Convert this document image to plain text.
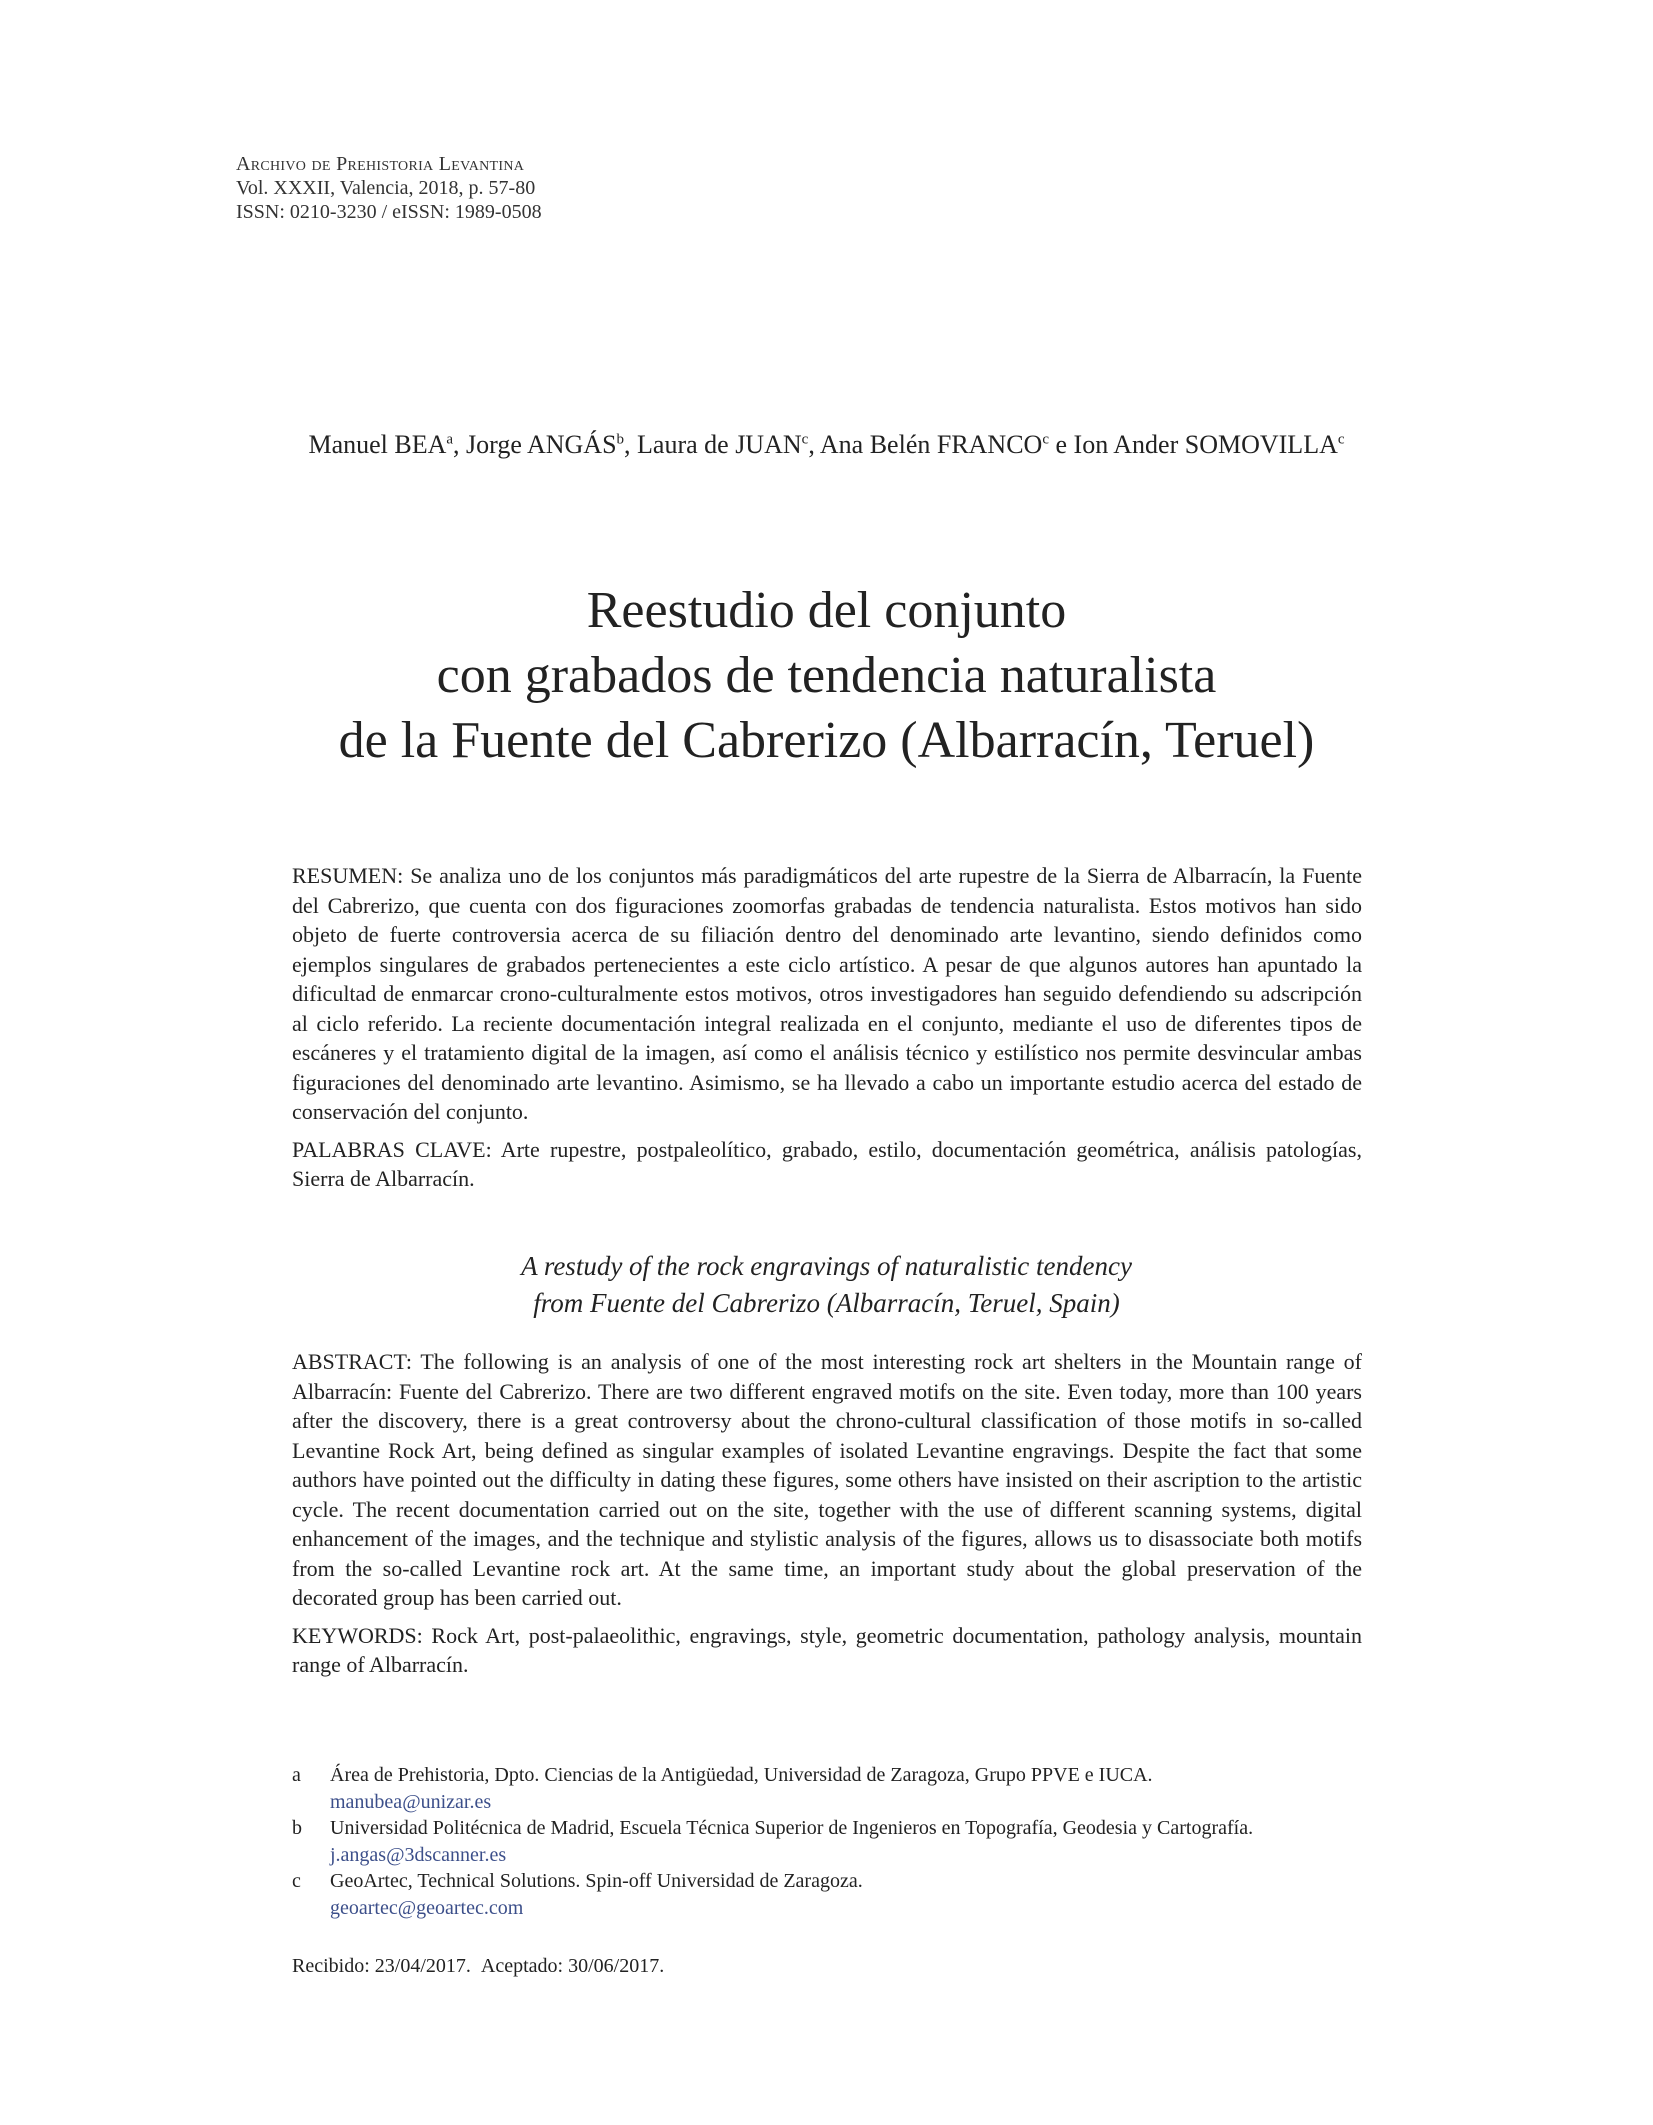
Archivo de Prehistoria Levantina
Vol. XXXII, Valencia, 2018, p. 57-80
ISSN: 0210-3230 / eISSN: 1989-0508
Manuel BEA$^a$, Jorge ANGÁS$^b$, Laura de JUAN$^c$, Ana Belén FRANCO$^c$ e Ion Ander SOMOVILLA$^c$
Reestudio del conjunto
con grabados de tendencia naturalista
de la Fuente del Cabrerizo (Albarracín, Teruel)

RESUMEN: Se analiza uno de los conjuntos más paradigmáticos del arte rupestre de la Sierra de Albarracín, la Fuente del Cabrerizo, que cuenta con dos figuraciones zoomorfas grabadas de tendencia naturalista. Estos motivos han sido objeto de fuerte controversia acerca de su filiación dentro del denominado arte levantino, siendo definidos como ejemplos singulares de grabados pertenecientes a este ciclo artístico. A pesar de que algunos autores han apuntado la dificultad de enmarcar crono-culturalmente estos motivos, otros investigadores han seguido defendiendo su adscripción al ciclo referido. La reciente documentación integral realizada en el conjunto, mediante el uso de diferentes tipos de escáneres y el tratamiento digital de la imagen, así como el análisis técnico y estilístico nos permite desvincular ambas figuraciones del denominado arte levantino. Asimismo, se ha llevado a cabo un importante estudio acerca del estado de conservación del conjunto.

PALABRAS CLAVE: Arte rupestre, postpaleolítico, grabado, estilo, documentación geométrica, análisis patologías, Sierra de Albarracín.

A restudy of the rock engravings of naturalistic tendency
from Fuente del Cabrerizo (Albarracín, Teruel, Spain)

ABSTRACT: The following is an analysis of one of the most interesting rock art shelters in the Mountain range of Albarracín: Fuente del Cabrerizo. There are two different engraved motifs on the site. Even today, more than 100 years after the discovery, there is a great controversy about the chrono-cultural classification of those motifs in so-called Levantine Rock Art, being defined as singular examples of isolated Levantine engravings. Despite the fact that some authors have pointed out the difficulty in dating these figures, some others have insisted on their ascription to the artistic cycle. The recent documentation carried out on the site, together with the use of different scanning systems, digital enhancement of the images, and the technique and stylistic analysis of the figures, allows us to disassociate both motifs from the so-called Levantine rock art. At the same time, an important study about the global preservation of the decorated group has been carried out.

KEYWORDS: Rock Art, post-palaeolithic, engravings, style, geometric documentation, pathology analysis, mountain range of Albarracín.

a	Área de Prehistoria, Dpto. Ciencias de la Antigüedad, Universidad de Zaragoza, Grupo PPVE e IUCA.
manubea@unizar.es
b	Universidad Politécnica de Madrid, Escuela Técnica Superior de Ingenieros en Topografía, Geodesia y Cartografía.
j.angas@3dscanner.es
c	GeoArtec, Technical Solutions. Spin-off Universidad de Zaragoza.
geoartec@geoartec.com
Recibido: 23/04/2017. Aceptado: 30/06/2017.
